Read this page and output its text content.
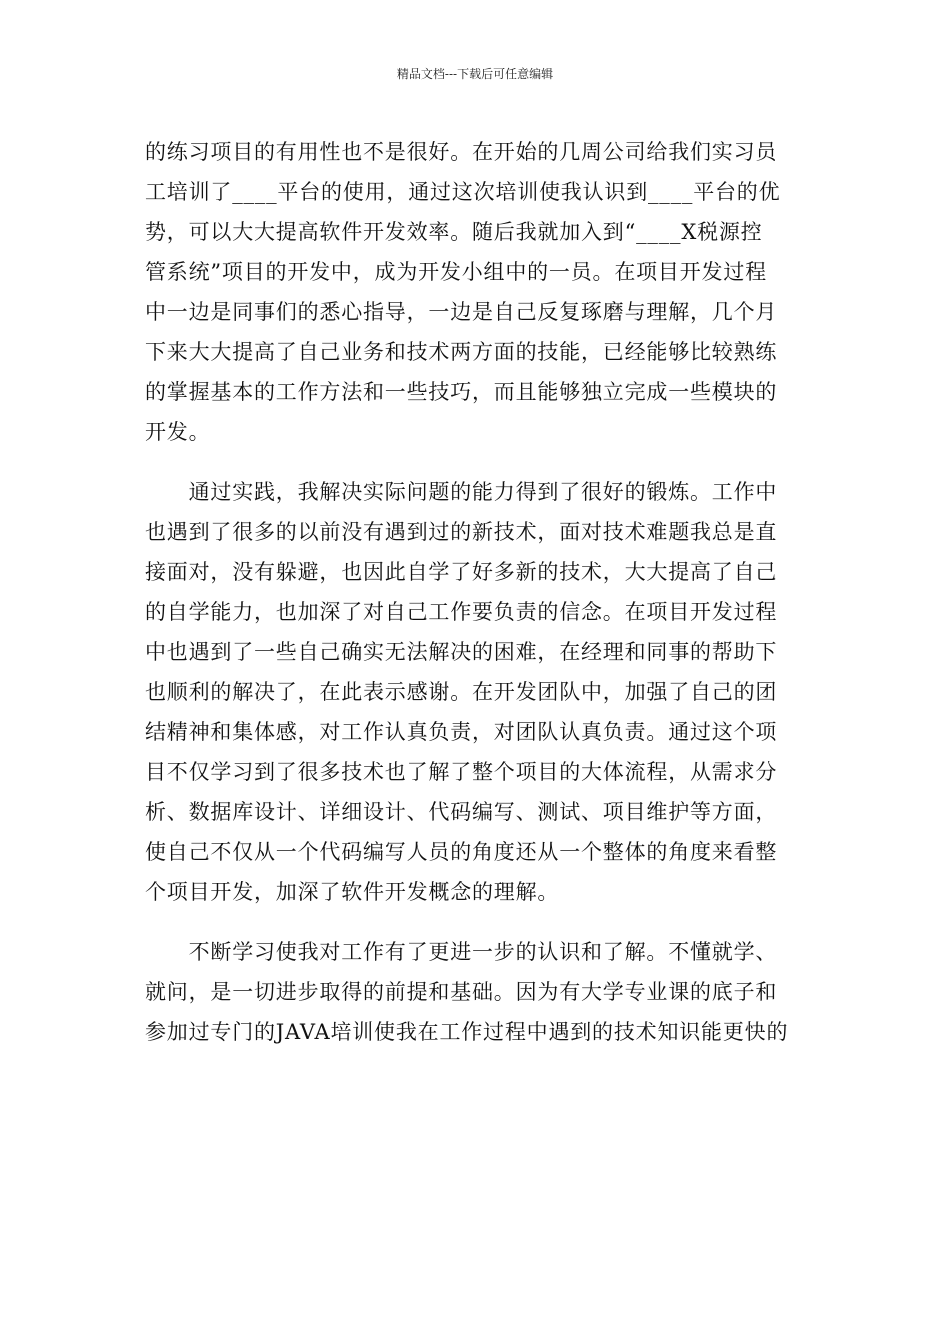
精品文档---下载后可任意编辑
的练习项目的有用性也不是很好。在开始的几周公司给我们实习员
工培训了____平台的使用，通过这次培训使我认识到____平台的优
势，可以大大提高软件开发效率。随后我就加入到“____X税源控
管系统”项目的开发中，成为开发小组中的一员。在项目开发过程
中一边是同事们的悉心指导，一边是自己反复琢磨与理解，几个月
下来大大提高了自己业务和技术两方面的技能，已经能够比较熟练
的掌握基本的工作方法和一些技巧，而且能够独立完成一些模块的
开发。
　　通过实践，我解决实际问题的能力得到了很好的锻炼。工作中
也遇到了很多的以前没有遇到过的新技术，面对技术难题我总是直
接面对，没有躲避，也因此自学了好多新的技术，大大提高了自己
的自学能力，也加深了对自己工作要负责的信念。在项目开发过程
中也遇到了一些自己确实无法解决的困难，在经理和同事的帮助下
也顺利的解决了，在此表示感谢。在开发团队中，加强了自己的团
结精神和集体感，对工作认真负责，对团队认真负责。通过这个项
目不仅学习到了很多技术也了解了整个项目的大体流程，从需求分
析、数据库设计、详细设计、代码编写、测试、项目维护等方面，
使自己不仅从一个代码编写人员的角度还从一个整体的角度来看整
个项目开发，加深了软件开发概念的理解。
　　不断学习使我对工作有了更进一步的认识和了解。不懂就学、
就问，是一切进步取得的前提和基础。因为有大学专业课的底子和
参加过专门的JAVA培训使我在工作过程中遇到的技术知识能更快的
